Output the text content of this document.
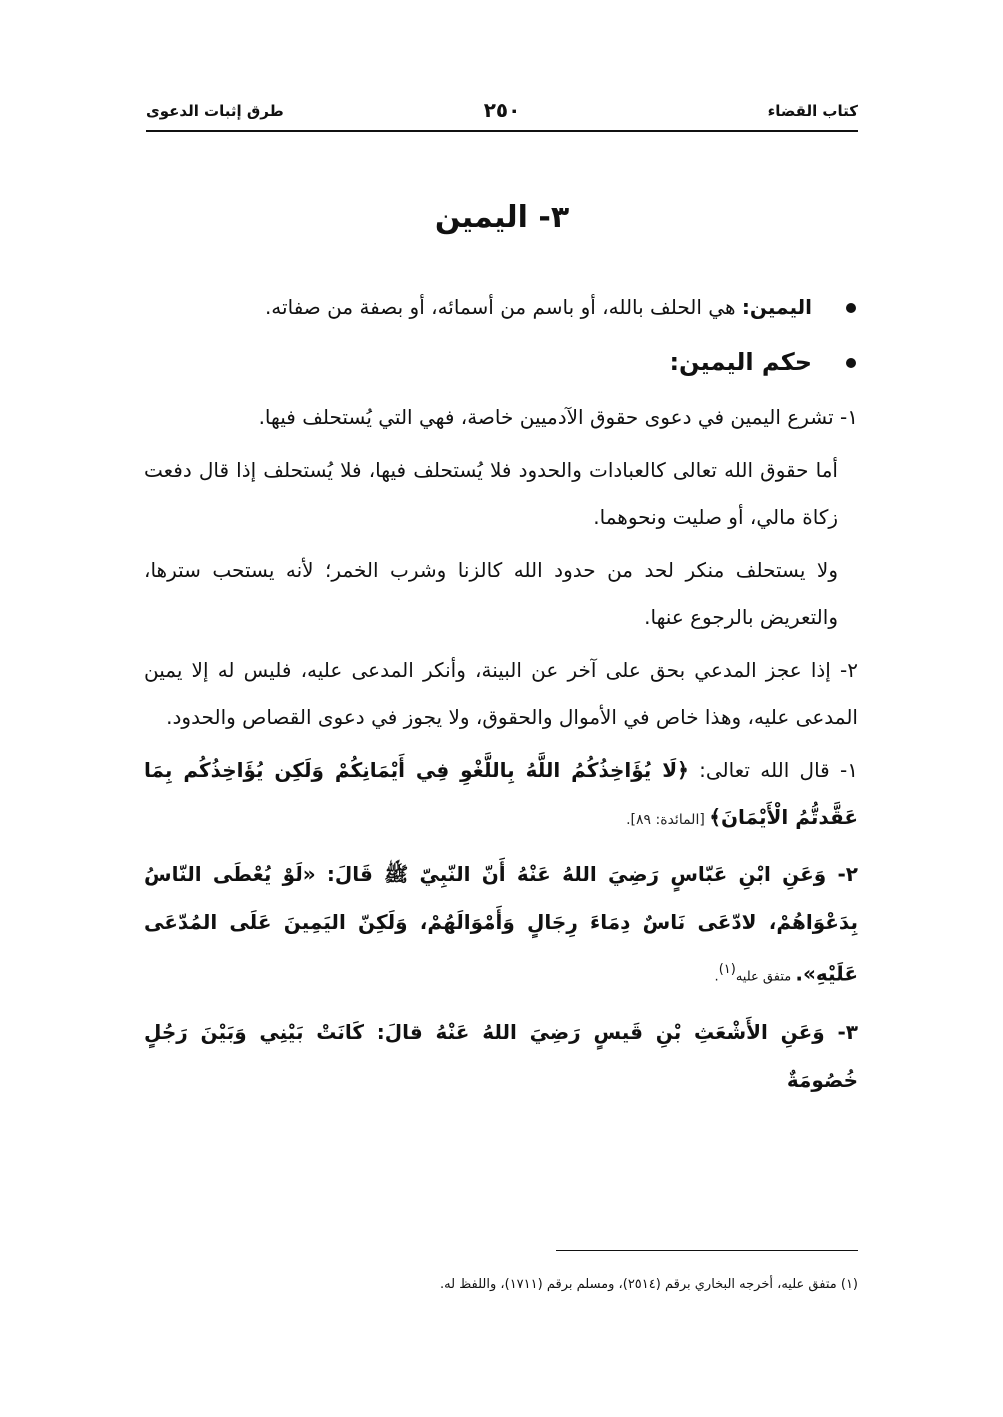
كتاب القضاء
٢٥٠
طرق إثبات الدعوى
٣- اليمين
اليمين: هي الحلف بالله، أو باسم من أسمائه، أو بصفة من صفاته.
حكم اليمين:

١- تشرع اليمين في دعوى حقوق الآدميين خاصة، فهي التي يُستحلف فيها.

أما حقوق الله تعالى كالعبادات والحدود فلا يُستحلف فيها، فلا يُستحلف إذا قال دفعت زكاة مالي، أو صليت ونحوهما.

ولا يستحلف منكر لحد من حدود الله كالزنا وشرب الخمر؛ لأنه يستحب سترها، والتعريض بالرجوع عنها.

٢- إذا عجز المدعي بحق على آخر عن البينة، وأنكر المدعى عليه، فليس له إلا يمين المدعى عليه، وهذا خاص في الأموال والحقوق، ولا يجوز في دعوى القصاص والحدود.

١- قال الله تعالى: ﴿لَا يُؤَاخِذُكُمُ اللَّهُ بِاللَّغْوِ فِي أَيْمَانِكُمْ وَلَكِن يُؤَاخِذُكُم بِمَا عَقَّدتُّمُ الْأَيْمَانَ﴾ [المائدة: ٨٩].

٢- وَعَنِ ابْنِ عَبّاسٍ رَضِيَ اللهُ عَنْهُ أَنّ النّبِيّ ﷺ قَالَ: «لَوْ يُعْطَى النّاسُ بِدَعْوَاهُمْ، لادّعَى نَاسٌ دِمَاءَ رِجَالٍ وَأَمْوَالَهُمْ، وَلَكِنّ اليَمِينَ عَلَى المُدّعَى عَلَيْهِ». متفق عليه$^{(١)}$.

٣- وَعَنِ الأَشْعَثِ بْنِ قَيسٍ رَضِيَ اللهُ عَنْهُ قالَ: كَانَتْ بَيْنِي وَبَيْنَ رَجُلٍ خُصُومَةٌ

(١) متفق عليه، أخرجه البخاري برقم (٢٥١٤)، ومسلم برقم (١٧١١)، واللفظ له.
